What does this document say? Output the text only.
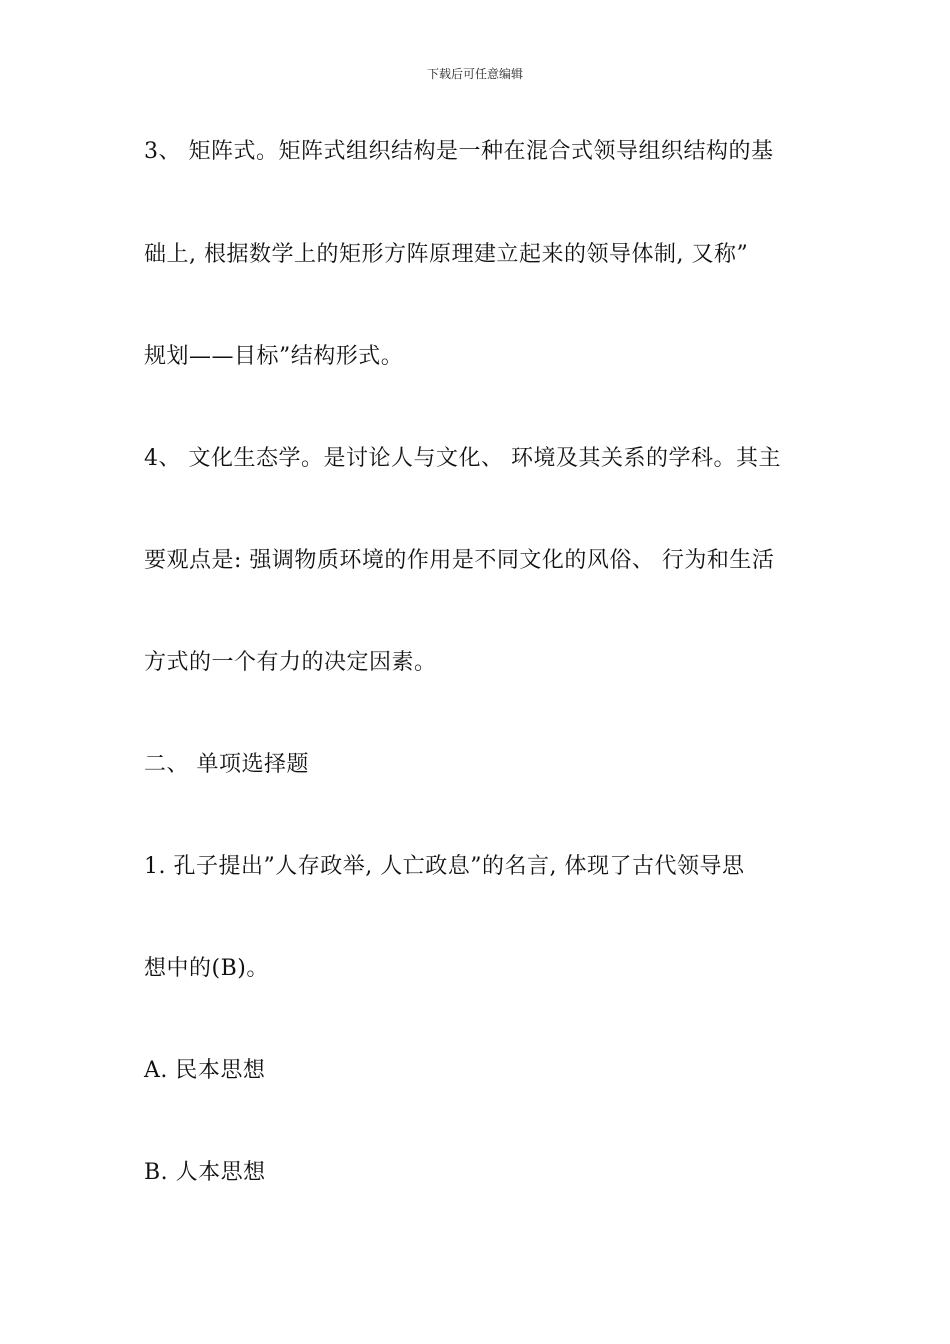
下载后可任意编辑
3、 矩阵式。矩阵式组织结构是一种在混合式领导组织结构的基
础上, 根据数学上的矩形方阵原理建立起来的领导体制, 又称”
规划——目标”结构形式。
4、 文化生态学。是讨论人与文化、 环境及其关系的学科。其主
要观点是: 强调物质环境的作用是不同文化的风俗、 行为和生活
方式的一个有力的决定因素。
二、 单项选择题
1. 孔子提出”人存政举, 人亡政息”的名言, 体现了古代领导思
想中的(B)。
A. 民本思想
B. 人本思想
